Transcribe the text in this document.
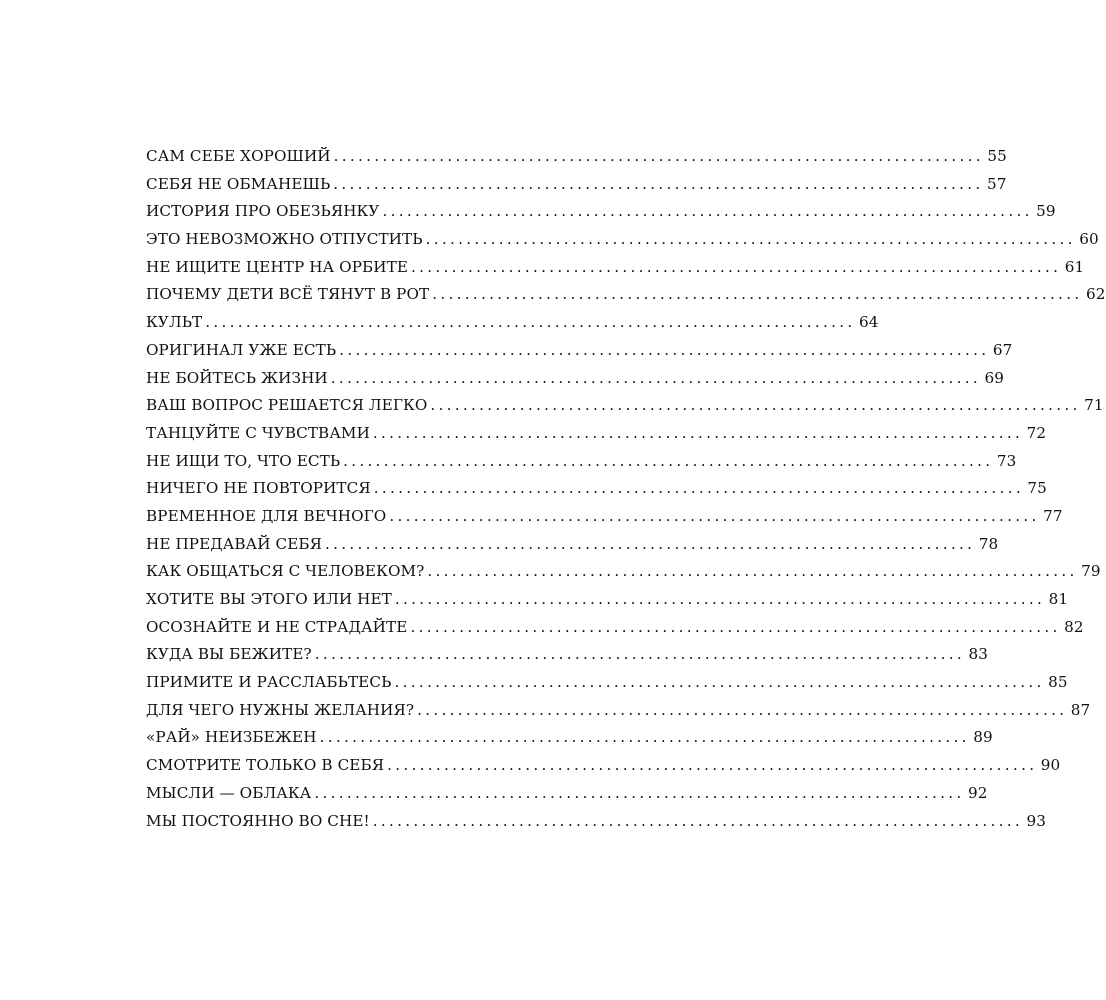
САМ СЕБЕ ХОРОШИЙ ................................................................................ 55
СЕБЯ НЕ ОБМАНЕШЬ ................................................................................ 57
ИСТОРИЯ ПРО ОБЕЗЬЯНКУ ................................................................................ 59
ЭТО НЕВОЗМОЖНО ОТПУСТИТЬ ................................................................................ 60
НЕ ИЩИТЕ ЦЕНТР НА ОРБИТЕ ................................................................................ 61
ПОЧЕМУ ДЕТИ ВСЁ ТЯНУТ В РОТ ................................................................................ 62
КУЛЬТ ................................................................................ 64
ОРИГИНАЛ УЖЕ ЕСТЬ ................................................................................ 67
НЕ БОЙТЕСЬ ЖИЗНИ ................................................................................ 69
ВАШ ВОПРОС РЕШАЕТСЯ ЛЕГКО ................................................................................ 71
ТАНЦУЙТЕ С ЧУВСТВАМИ ................................................................................ 72
НЕ ИЩИ ТО, ЧТО ЕСТЬ ................................................................................ 73
НИЧЕГО НЕ ПОВТОРИТСЯ ................................................................................ 75
ВРЕМЕННОЕ ДЛЯ ВЕЧНОГО ................................................................................ 77
НЕ ПРЕДАВАЙ СЕБЯ ................................................................................ 78
КАК ОБЩАТЬСЯ С ЧЕЛОВЕКОМ? ................................................................................ 79
ХОТИТЕ ВЫ ЭТОГО ИЛИ НЕТ ................................................................................ 81
ОСОЗНАЙТЕ И НЕ СТРАДАЙТЕ ................................................................................ 82
КУДА ВЫ БЕЖИТЕ? ................................................................................ 83
ПРИМИТЕ И РАССЛАБЬТЕСЬ ................................................................................ 85
ДЛЯ ЧЕГО НУЖНЫ ЖЕЛАНИЯ? ................................................................................ 87
«РАЙ» НЕИЗБЕЖЕН ................................................................................ 89
СМОТРИТЕ ТОЛЬКО В СЕБЯ ................................................................................ 90
МЫСЛИ — ОБЛАКА ................................................................................ 92
МЫ ПОСТОЯННО ВО СНЕ! ................................................................................ 93
